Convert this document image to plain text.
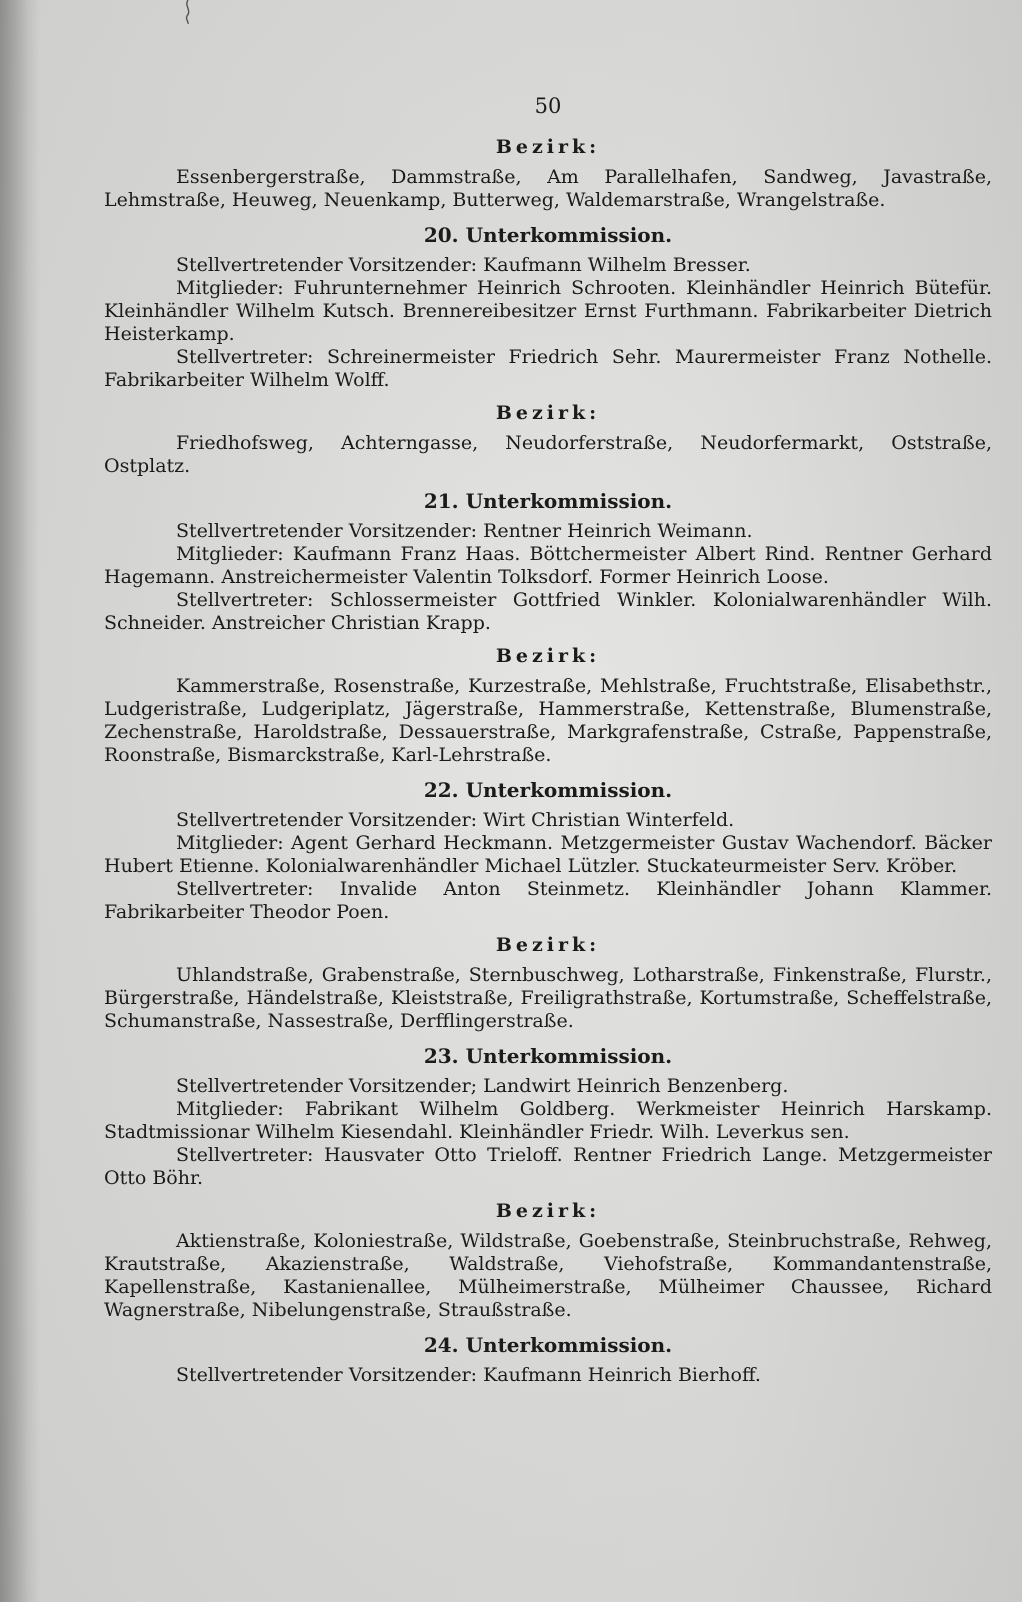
50
Bezirk:

Essenbergerstraße, Dammstraße, Am Parallelhafen, Sandweg, Javastraße, Lehmstraße, Heuweg, Neuenkamp, Butterweg, Waldemarstraße, Wrangelstraße.

20. Unterkommission.

Stellvertretender Vorsitzender: Kaufmann Wilhelm Bresser.

Mitglieder: Fuhrunternehmer Heinrich Schrooten. Kleinhändler Heinrich Bütefür. Kleinhändler Wilhelm Kutsch. Brennereibesitzer Ernst Furthmann. Fabrikarbeiter Dietrich Heisterkamp.

Stellvertreter: Schreinermeister Friedrich Sehr. Maurermeister Franz Nothelle. Fabrikarbeiter Wilhelm Wolff.

Bezirk:

Friedhofsweg, Achterngasse, Neudorferstraße, Neudorfermarkt, Oststraße, Ostplatz.

21. Unterkommission.

Stellvertretender Vorsitzender: Rentner Heinrich Weimann.

Mitglieder: Kaufmann Franz Haas. Böttchermeister Albert Rind. Rentner Gerhard Hagemann. Anstreichermeister Valentin Tolksdorf. Former Heinrich Loose.

Stellvertreter: Schlossermeister Gottfried Winkler. Kolonialwarenhändler Wilh. Schneider. Anstreicher Christian Krapp.

Bezirk:

Kammerstraße, Rosenstraße, Kurzestraße, Mehlstraße, Fruchtstraße, Elisabethstr., Ludgeristraße, Ludgeriplatz, Jägerstraße, Hammerstraße, Kettenstraße, Blumenstraße, Zechenstraße, Haroldstraße, Dessauerstraße, Markgrafenstraße, Cstraße, Pappenstraße, Roonstraße, Bismarckstraße, Karl-Lehrstraße.

22. Unterkommission.

Stellvertretender Vorsitzender: Wirt Christian Winterfeld.

Mitglieder: Agent Gerhard Heckmann. Metzgermeister Gustav Wachendorf. Bäcker Hubert Etienne. Kolonialwarenhändler Michael Lützler. Stuckateurmeister Serv. Kröber.

Stellvertreter: Invalide Anton Steinmetz. Kleinhändler Johann Klammer. Fabrikarbeiter Theodor Poen.

Bezirk:

Uhlandstraße, Grabenstraße, Sternbuschweg, Lotharstraße, Finkenstraße, Flurstr., Bürgerstraße, Händelstraße, Kleiststraße, Freiligrathstraße, Kortumstraße, Scheffelstraße, Schumanstraße, Nassestraße, Derfflingerstraße.

23. Unterkommission.

Stellvertretender Vorsitzender; Landwirt Heinrich Benzenberg.

Mitglieder: Fabrikant Wilhelm Goldberg. Werkmeister Heinrich Harskamp. Stadtmissionar Wilhelm Kiesendahl. Kleinhändler Friedr. Wilh. Leverkus sen.

Stellvertreter: Hausvater Otto Trieloff. Rentner Friedrich Lange. Metzgermeister Otto Böhr.

Bezirk:

Aktienstraße, Koloniestraße, Wildstraße, Goebenstraße, Steinbruchstraße, Rehweg, Krautstraße, Akazienstraße, Waldstraße, Viehofstraße, Kommandantenstraße, Kapellenstraße, Kastanienallee, Mülheimerstraße, Mülheimer Chaussee, Richard Wagnerstraße, Nibelungenstraße, Straußstraße.

24. Unterkommission.

Stellvertretender Vorsitzender: Kaufmann Heinrich Bierhoff.
